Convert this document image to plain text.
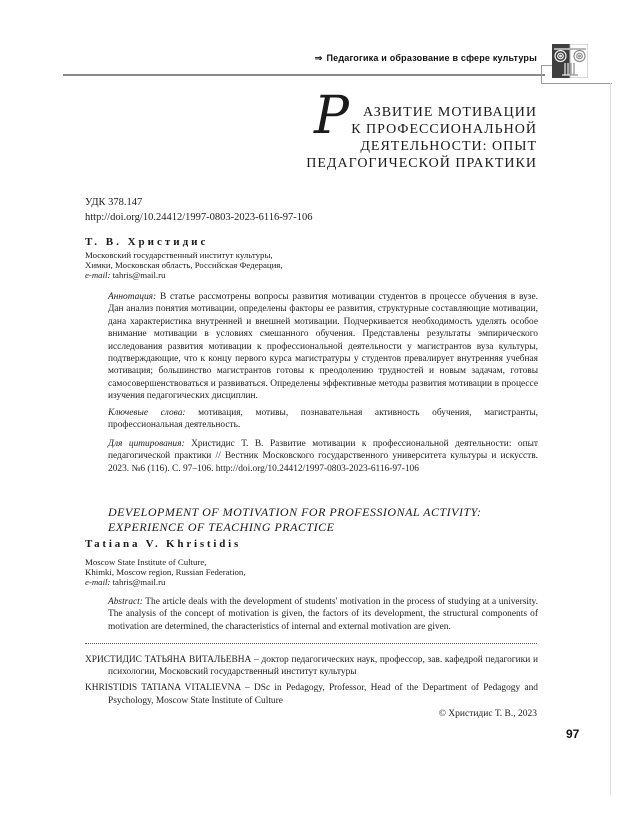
⇒ Педагогика и образование в сфере культуры
Р АЗВИТИЕ МОТИВАЦИИ
К ПРОФЕССИОНАЛЬНОЙ
ДЕЯТЕЛЬНОСТИ: ОПЫТ
ПЕДАГОГИЧЕСКОЙ ПРАКТИКИ
УДК 378.147
http://doi.org/10.24412/1997-0803-2023-6116-97-106
Т. В. Христидис
Московский государственный институт культуры,
Химки, Московская область, Российская Федерация,
e-mail: tahris@mail.ru
Аннотация: В статье рассмотрены вопросы развития мотивации студентов в процессе обучения в вузе. Дан анализ понятия мотивации, определены факторы ее развития, структурные составляющие мотивации, дана характеристика внутренней и внешней мотивации. Подчеркивается необходимость уделять особое внимание мотивации в условиях смешанного обучения. Представлены результаты эмпирического исследования развития мотивации к профессиональной деятельности у магистрантов вуза культуры, подтверждающие, что к концу первого курса магистратуры у студентов превалирует внутренняя учебная мотивация; большинство магистрантов готовы к преодолению трудностей и новым задачам, готовы самосовершенствоваться и развиваться. Определены эффективные методы развития мотивации в процессе изучения педагогических дисциплин.
Ключевые слова: мотивация, мотивы, познавательная активность обучения, магистранты, профессиональная деятельность.
Для цитирования: Христидис Т. В. Развитие мотивации к профессиональной деятельности: опыт педагогической практики // Вестник Московского государственного университета культуры и искусств. 2023. №6 (116). С. 97–106. http://doi.org/10.24412/1997-0803-2023-6116-97-106
DEVELOPMENT OF MOTIVATION FOR PROFESSIONAL ACTIVITY:
EXPERIENCE OF TEACHING PRACTICE
Tatiana V. Khristidis
Moscow State Institute of Culture,
Khimki, Moscow region, Russian Federation,
e-mail: tahris@mail.ru
Abstract: The article deals with the development of students' motivation in the process of studying at a university. The analysis of the concept of motivation is given, the factors of its development, the structural components of motivation are determined, the characteristics of internal and external motivation are given.

ХРИСТИДИС ТАТЬЯНА ВИТАЛЬЕВНА – доктор педагогических наук, профессор, зав. кафедрой педагогики и психологии, Московский государственный институт культуры

KHRISTIDIS TATIANA VITALIEVNA – DSc in Pedagogy, Professor, Head of the Department of Pedagogy and Psychology, Moscow State Institute of Culture

© Христидис Т. В., 2023
97
